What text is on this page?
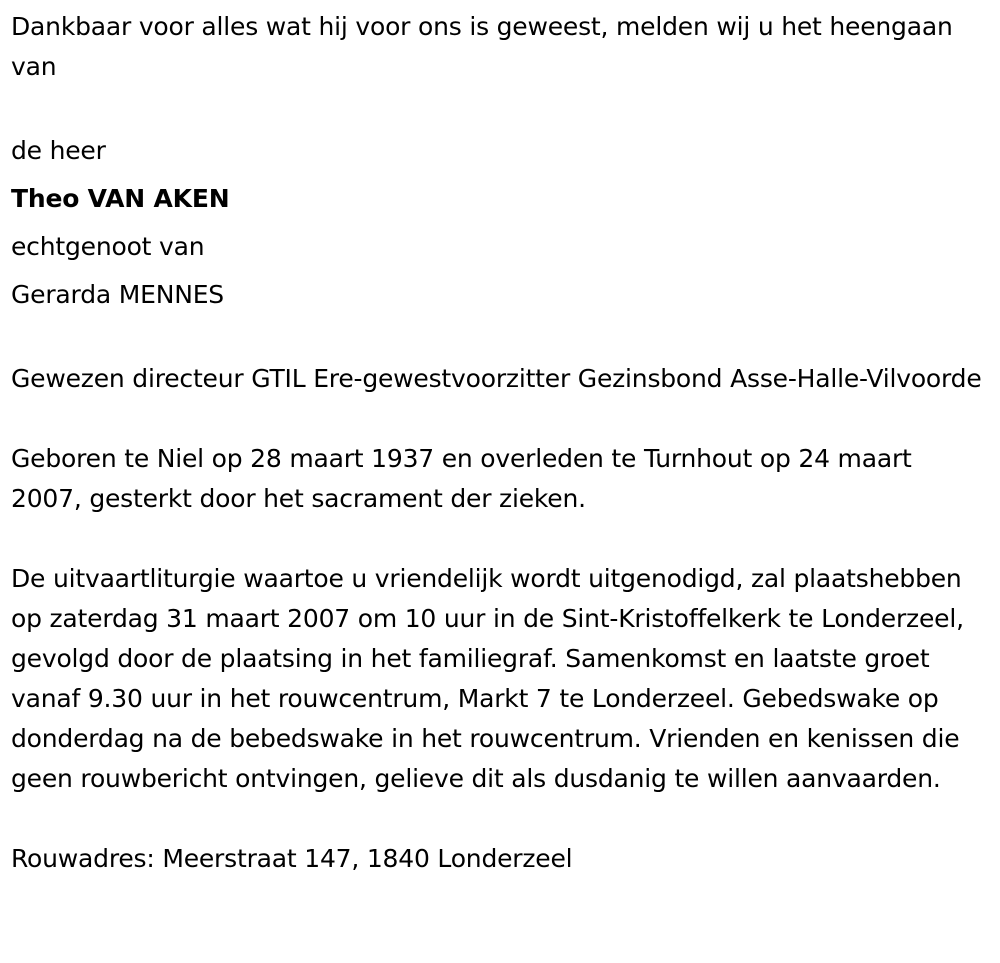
Dankbaar voor alles wat hij voor ons is geweest, melden wij u het heengaan van

de heer

Theo VAN AKEN

echtgenoot van

Gerarda MENNES

Gewezen directeur GTIL Ere-gewestvoorzitter Gezinsbond Asse-Halle-Vilvoorde

Geboren te Niel op 28 maart 1937 en overleden te Turnhout op 24 maart 2007, gesterkt door het sacrament der zieken.

De uitvaartliturgie waartoe u vriendelijk wordt uitgenodigd, zal plaatshebben op zaterdag 31 maart 2007 om 10 uur in de Sint-Kristoffelkerk te Londerzeel, gevolgd door de plaatsing in het familiegraf. Samenkomst en laatste groet vanaf 9.30 uur in het rouwcentrum, Markt 7 te Londerzeel. Gebedswake op donderdag na de bebedswake in het rouwcentrum. Vrienden en kenissen die geen rouwbericht ontvingen, gelieve dit als dusdanig te willen aanvaarden.

Rouwadres: Meerstraat 147, 1840 Londerzeel
